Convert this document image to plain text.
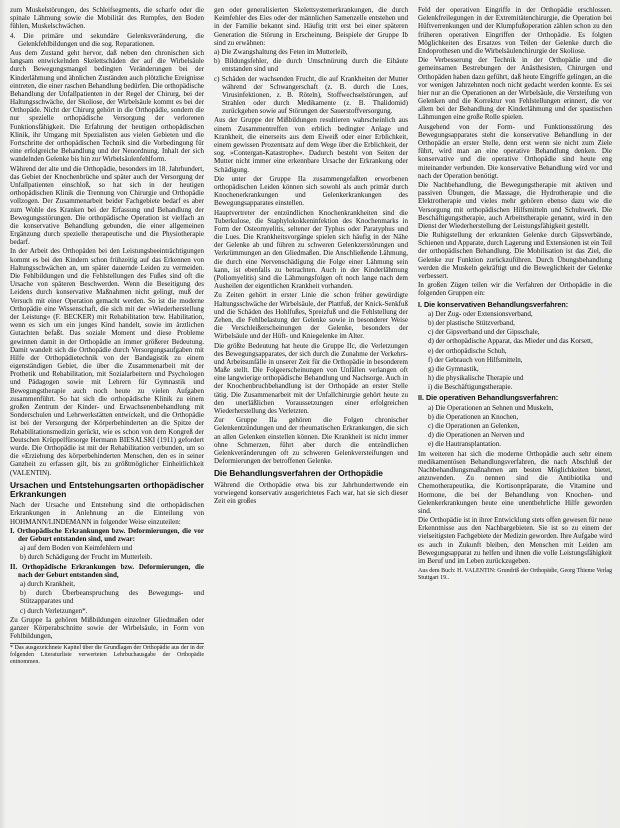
zum Muskelstörungen, des Schleifsegments, die scharfe oder die spinale Lähmung sowie die Mobilität des Rumpfes, den Boden fühlen, Muskelschwächen.

4. Die primäre und sekundäre Gelenksveränderung, die Gelenkfehlbildungen und die sog. Reparationen.

Aus dem Zustand geht hervor, daß neben den chronischen sich langsam entwickelnden Skelettschäden der auf die Wirbelsäule durch Bewegungsmangel bedingten Veränderungen bei der Kinderlähmung und ähnlichen Zuständen auch plötzliche Ereignisse eintreten, die einer raschen Behandlung bedürfen. Die orthopädische Behandlung der Unfallpatienten in der Regel der Chirurg, bei der Haltungsschwäche, der Skoliose, der Wirbelsäule kommt es bei der Orthopäde. Nicht der Chirurg gehört in die Orthopädie, sondern die nur spezielle orthopädische Versorgung der verlorenen Funktionsfähigkeit. Die Erfahrung der heutigen orthopädischen Klinik, ihr Umgang mit Spezialisten aus vielen Gebieten und die Fortschritte der orthopädischen Technik sind die Vorbedingung für eine erfolgreiche Behandlung und der Neuordnung. Inhalt der sich wandelnden Gelenke bis hin zur Wirbelsäulenfehlform.

Während der alte und die Orthopädie, besonders im 18. Jahrhundert, das Gebiet der Knochenbrüche und später auch der Versorgung der Unfallpatienten einschloß, so hat sich in der heutigen orthopädischen Klinik die Trennung von Chirurgie und Orthopädie vollzogen. Der Zusammenarbeit beider Fachgebiete bedarf es aber zum Wohle des Kranken bei der Erfassung und Behandlung der Bewegungsstörungen. Die orthopädische Operation ist vielfach an die konservative Behandlung gebunden, die einer allgemeinen Ergänzung durch spezielle therapeutische und die Physiotherapie bedarf.

In der Arbeit des Orthopäden bei den Leistungsbeeinträchtigungen kommt es bei den Kindern schon frühzeitig auf das Erkennen von Haltungsschwächen an, um später dauernde Leiden zu vermeiden. Die Fehlbildungen und die Fehlstellungen des Fußes sind oft die Ursache von späteren Beschwerden. Wenn die Beseitigung des Leidens durch konservative Maßnahmen nicht gelingt, muß der Versuch mit einer Operation gemacht werden. So ist die moderne Orthopädie eine Wissenschaft, die sich mit der »Wiederherstellung der Leistung« (F. BECKER) mit Rehabilitation bzw. Habilitation, wenn es sich um ein junges Kind handelt, sowie im ärztlichen Gutachten befaßt. Das soziale Moment und diese Probleme gewinnen damit in der Orthopädie an immer größerer Bedeutung. Damit wandelt sich die Orthopädie durch Versorgungsaufgaben mit Hilfe der Orthopädietechnik von der Bandagistik zu einem eigenständigen Gebiet, die über die Zusammenarbeit mit der Prothetik und Rehabilitation, mit Sozialarbeitern und Psychologen und Pädagogen sowie mit Lehrern für Gymnastik und Bewegungstherapie auch noch heute zu vielen Aufgaben zusammenführt. So hat sich die orthopädische Klinik zu einem großen Zentrum der Kinder- und Erwachsenenbehandlung mit Sonderschulen und Lehrwerkstätten entwickelt, und die Orthopädie ist bei der Versorgung der Körperbehinderten an die Spitze der Rehabilitationsmedizin gerückt, wie es schon von dem Kongreß der Deutschen Krüppelfürsorge Hermann BIESALSKI (1911) gefordert wurde. Die Orthopädie ist mit der Rehabilitation verbunden, um so die »Erziehung des körperbehinderten Menschen, den es in seiner Ganzheit zu erfassen gilt, bis zu größtmöglicher Einheitlichkeit (VALENTIN).

Ursachen und Entstehungsarten orthopädischer Erkrankungen

Nach der Ursache und Entstehung sind die orthopädischen Erkrankungen in Anlehnung an die Einteilung von HOHMANN/LINDEMANN in folgender Weise einzuteilen:

I. Orthopädische Erkrankungen bzw. Deformierungen, die vor der Geburt entstanden sind, und zwar:

a) auf dem Boden von Keimfehlern und

b) durch Schädigung der Frucht im Mutterleib.

II. Orthopädische Erkrankungen bzw. Deformierungen, die nach der Geburt entstanden sind,

a) durch Krankheit,

b) durch Überbeanspruchung des Bewegungs- und Stützapparates und

c) durch Verletzungen*.

Zu Gruppe Ia gehören Mißbildungen einzelner Gliedmaßen oder ganzer Körperabschnitte sowie der Wirbelsäule, in Form von Fehlbildungen,

* Das ausgezeichnete Kapitel über die Grundlagen der Orthopädie aus der in der folgenden Literaturliste verwerteten Lehrbuchausgabe der Orthopädie entnommen.

gen oder generalisierten Skelettsystemerkrankungen, die durch Keimfehler des Eies oder der männlichen Samenzelle entstehen und in der Familie bekannt sind. Häufig tritt erst bei einer späteren Generation die Störung in Erscheinung. Beispiele der Gruppe Ib sind zu erwähnen:

a) Die Zwangshaltung des Feten im Mutterleib,

b) Bildungsfehler, die durch Umschnürung durch die Eihäute entstanden sind und

c) Schäden der wachsenden Frucht, die auf Krankheiten der Mutter während der Schwangerschaft (z. B. durch die Lues, Virusinfektionen, z. B. Röteln), Stoffwechselstörungen, auf Strahlen oder durch Medikamente (z. B. Thalidomid) zurückgehen sowie auf Störungen der Sauerstoffversorgung.

Aus der Gruppe der Mißbildungen resultieren wahrscheinlich aus einem Zusammentreffen von erblich bedingter Anlage und Krankheit, die einerseits aus dem Eiweiß oder einer Erblichkeit, einem gewissen Prozentsatz auf dem Wege über die Erblichkeit, der sog. »Contergan-Katastrophe«. Dadurch besteht von Seiten der Mutter nicht immer eine erkennbare Ursache der Erkrankung oder Schädigung.

Die unter der Gruppe IIa zusammengefaßten erworbenen orthopädischen Leiden können sich sowohl als auch primär durch Knochenerkrankungen und Gelenkerkrankungen des Bewegungsapparates einstellen.

Hauptvertreter der entzündlichen Knochenkrankheiten sind die Tuberkulose, die Staphylokokkeninfektion des Knochenmarks in Form der Osteomyelitis, seltener der Typhus oder Paratyphus und die Lues. Die Krankheitsvorgänge spielen sich häufig in der Nähe der Gelenke ab und führen zu schweren Gelenkzerstörungen und Verkrümmungen an den Gliedmaßen. Die Anschließende Lähmung, die durch eine Nervenschädigung die Folge einer Lähmung sein kann, ist ebenfalls zu betrachten. Auch in der Kinderlähmung (Poliomyelitis) sind die Lähmungsfolgen oft noch lange nach dem Ausheilen der eigentlichen Krankheit vorhanden.

Zu Zeiten gehört in erster Linie die schon früher gewürdigte Haltungsschwäche der Wirbelsäule, der Plattfuß, der Knick-Senkfuß und die Schäden des Hohlfußes, Spreizfuß und die Fehlstellung der Zehen, die Fehlbelastung der Gelenke sowie in besonderer Weise die Verschleißerscheinungen der Gelenke, besonders der Wirbelsäule und der Hüft- und Kniegelenke im Alter.

Die größte Bedeutung hat heute die Gruppe IIc, die Verletzungen des Bewegungsapparates, der sich durch die Zunahme der Verkehrs- und Arbeitsunfälle in unserer Zeit für die Orthopädie in besonderem Maße stellt. Die Folgeerscheinungen von Unfällen verlangen oft eine langwierige orthopädische Behandlung und Nachsorge. Auch in der Knochenbruchbehandlung ist der Orthopäde an erster Stelle tätig. Die Zusammenarbeit mit der Unfallchirurgie gehört heute zu den unerläßlichen Voraussetzungen einer erfolgreichen Wiederherstellung des Verletzten.

Zur Gruppe IIa gehören die Folgen chronischer Gelenkentzündungen und der rheumatischen Erkrankungen, die sich an allen Gelenken einstellen können. Die Krankheit ist nicht immer ohne Schmerzen, führt aber durch die entzündlichen Gelenkveränderungen oft zu schweren Gelenkversteifungen und Deformierungen der betroffenen Gelenke.

Die Behandlungsverfahren der Orthopädie

Während die Orthopädie etwa bis zur Jahrhundertwende ein vorwiegend konservativ ausgerichtetes Fach war, hat sie sich dieser Zeit ein großes

Feld der operativen Eingriffe in der Orthopädie erschlossen. Gelenkfreilegungen in der Extremitätenchirurgie, die Operation bei Hüftverrenkungen und der Klumpfußoperation zählen schon zu den früheren operativen Eingriffen der Orthopädie. Es folgten Möglichkeiten des Ersatzes von Teilen der Gelenke durch die Endoprothesen und die Wirbelsäulenchirurgie der Skoliose.

Die Verbesserung der Technik in der Orthopädie und die gemeinsamen Bestrebungen der Anästhesisten, Chirurgen und Orthopäden haben dazu geführt, daß heute Eingriffe gelingen, an die vor wenigen Jahrzehnten noch nicht gedacht werden konnte. Es sei hier nur an die Operationen an der Wirbelsäule, die Versteifung von Gelenken und die Korrektur von Fehlstellungen erinnert, die vor allem bei der Behandlung der Kinderlähmung und der spastischen Lähmungen eine große Rolle spielen.

Ausgehend von der Form- und Funktionsstörung des Bewegungsapparates steht die konservative Behandlung in der Orthopädie an erster Stelle, denn erst wenn sie nicht zum Ziele führt, wird man an eine operative Behandlung denken. Die konservative und die operative Orthopädie sind heute eng miteinander verbunden. Die konservative Behandlung wird vor und nach der Operation benötigt.

Die Nachbehandlung, die Bewegungstherapie mit aktiven und passiven Übungen, die Massage, die Hydrotherapie und die Elektrotherapie und vieles mehr gehören ebenso dazu wie die Versorgung mit orthopädischen Hilfsmitteln und Schuhwerk. Die Beschäftigungstherapie, auch Arbeitstherapie genannt, wird in den Dienst der Wiederherstellung der Leistungsfähigkeit gestellt.

Die Ruhigstellung der erkrankten Gelenke durch Gipsverbände, Schienen und Apparate, durch Lagerung und Extensionen ist ein Teil der orthopädischen Behandlung. Die Mobilisation ist das Ziel, die Gelenke zur Funktion zurückzuführen. Durch Übungsbehandlung werden die Muskeln gekräftigt und die Beweglichkeit der Gelenke verbessert.

In großen Zügen teilen wir die Verfahren der Orthopädie in die folgenden Gruppen ein:

I. Die konservativen Behandlungsverfahren:

a) Der Zug- oder Extensionsverband,

b) der plastische Stützverband,

c) der Gipsverband und der Gipsschale,

d) der orthopädische Apparat, das Mieder und das Korsett,

e) der orthopädische Schuh,

f) der Gebrauch von Hilfsmitteln,

g) die Gymnastik,

h) die physikalische Therapie und

i) die Beschäftigungstherapie.

II. Die operativen Behandlungsverfahren:

a) Die Operationen an Sehnen und Muskeln,

b) die Operationen an Knochen,

c) die Operationen an Gelenken,

d) die Operationen an Nerven und

e) die Hautransplantation.

Im weiteren hat sich die moderne Orthopädie auch sehr einem medikamentösen Behandlungsverfahren, die nach Abschluß der Nachbehandlungsmaßnahmen am besten Möglichkeiten bietet, anzuwenden. Zu nennen sind die Antibiotika und Chemotherapeutika, die Kortisonpräparate, die Vitamine und Hormone, die bei der Behandlung von Knochen- und Gelenkerkrankungen heute eine unentbehrliche Hilfe geworden sind.

Die Orthopädie ist in ihrer Entwicklung stets offen gewesen für neue Erkenntnisse aus den Nachbargebieten. Sie ist so zu einem der vielseitigsten Fachgebiete der Medizin geworden. Ihre Aufgabe wird es auch in Zukunft bleiben, den Menschen mit Leiden am Bewegungsapparat zu helfen und ihnen die volle Leistungsfähigkeit im Beruf und im Leben zurückzugeben.

Aus dem Buch: H. VALENTIN: Grundriß der Orthopädie, Georg Thieme Verlag Stuttgart 19..
